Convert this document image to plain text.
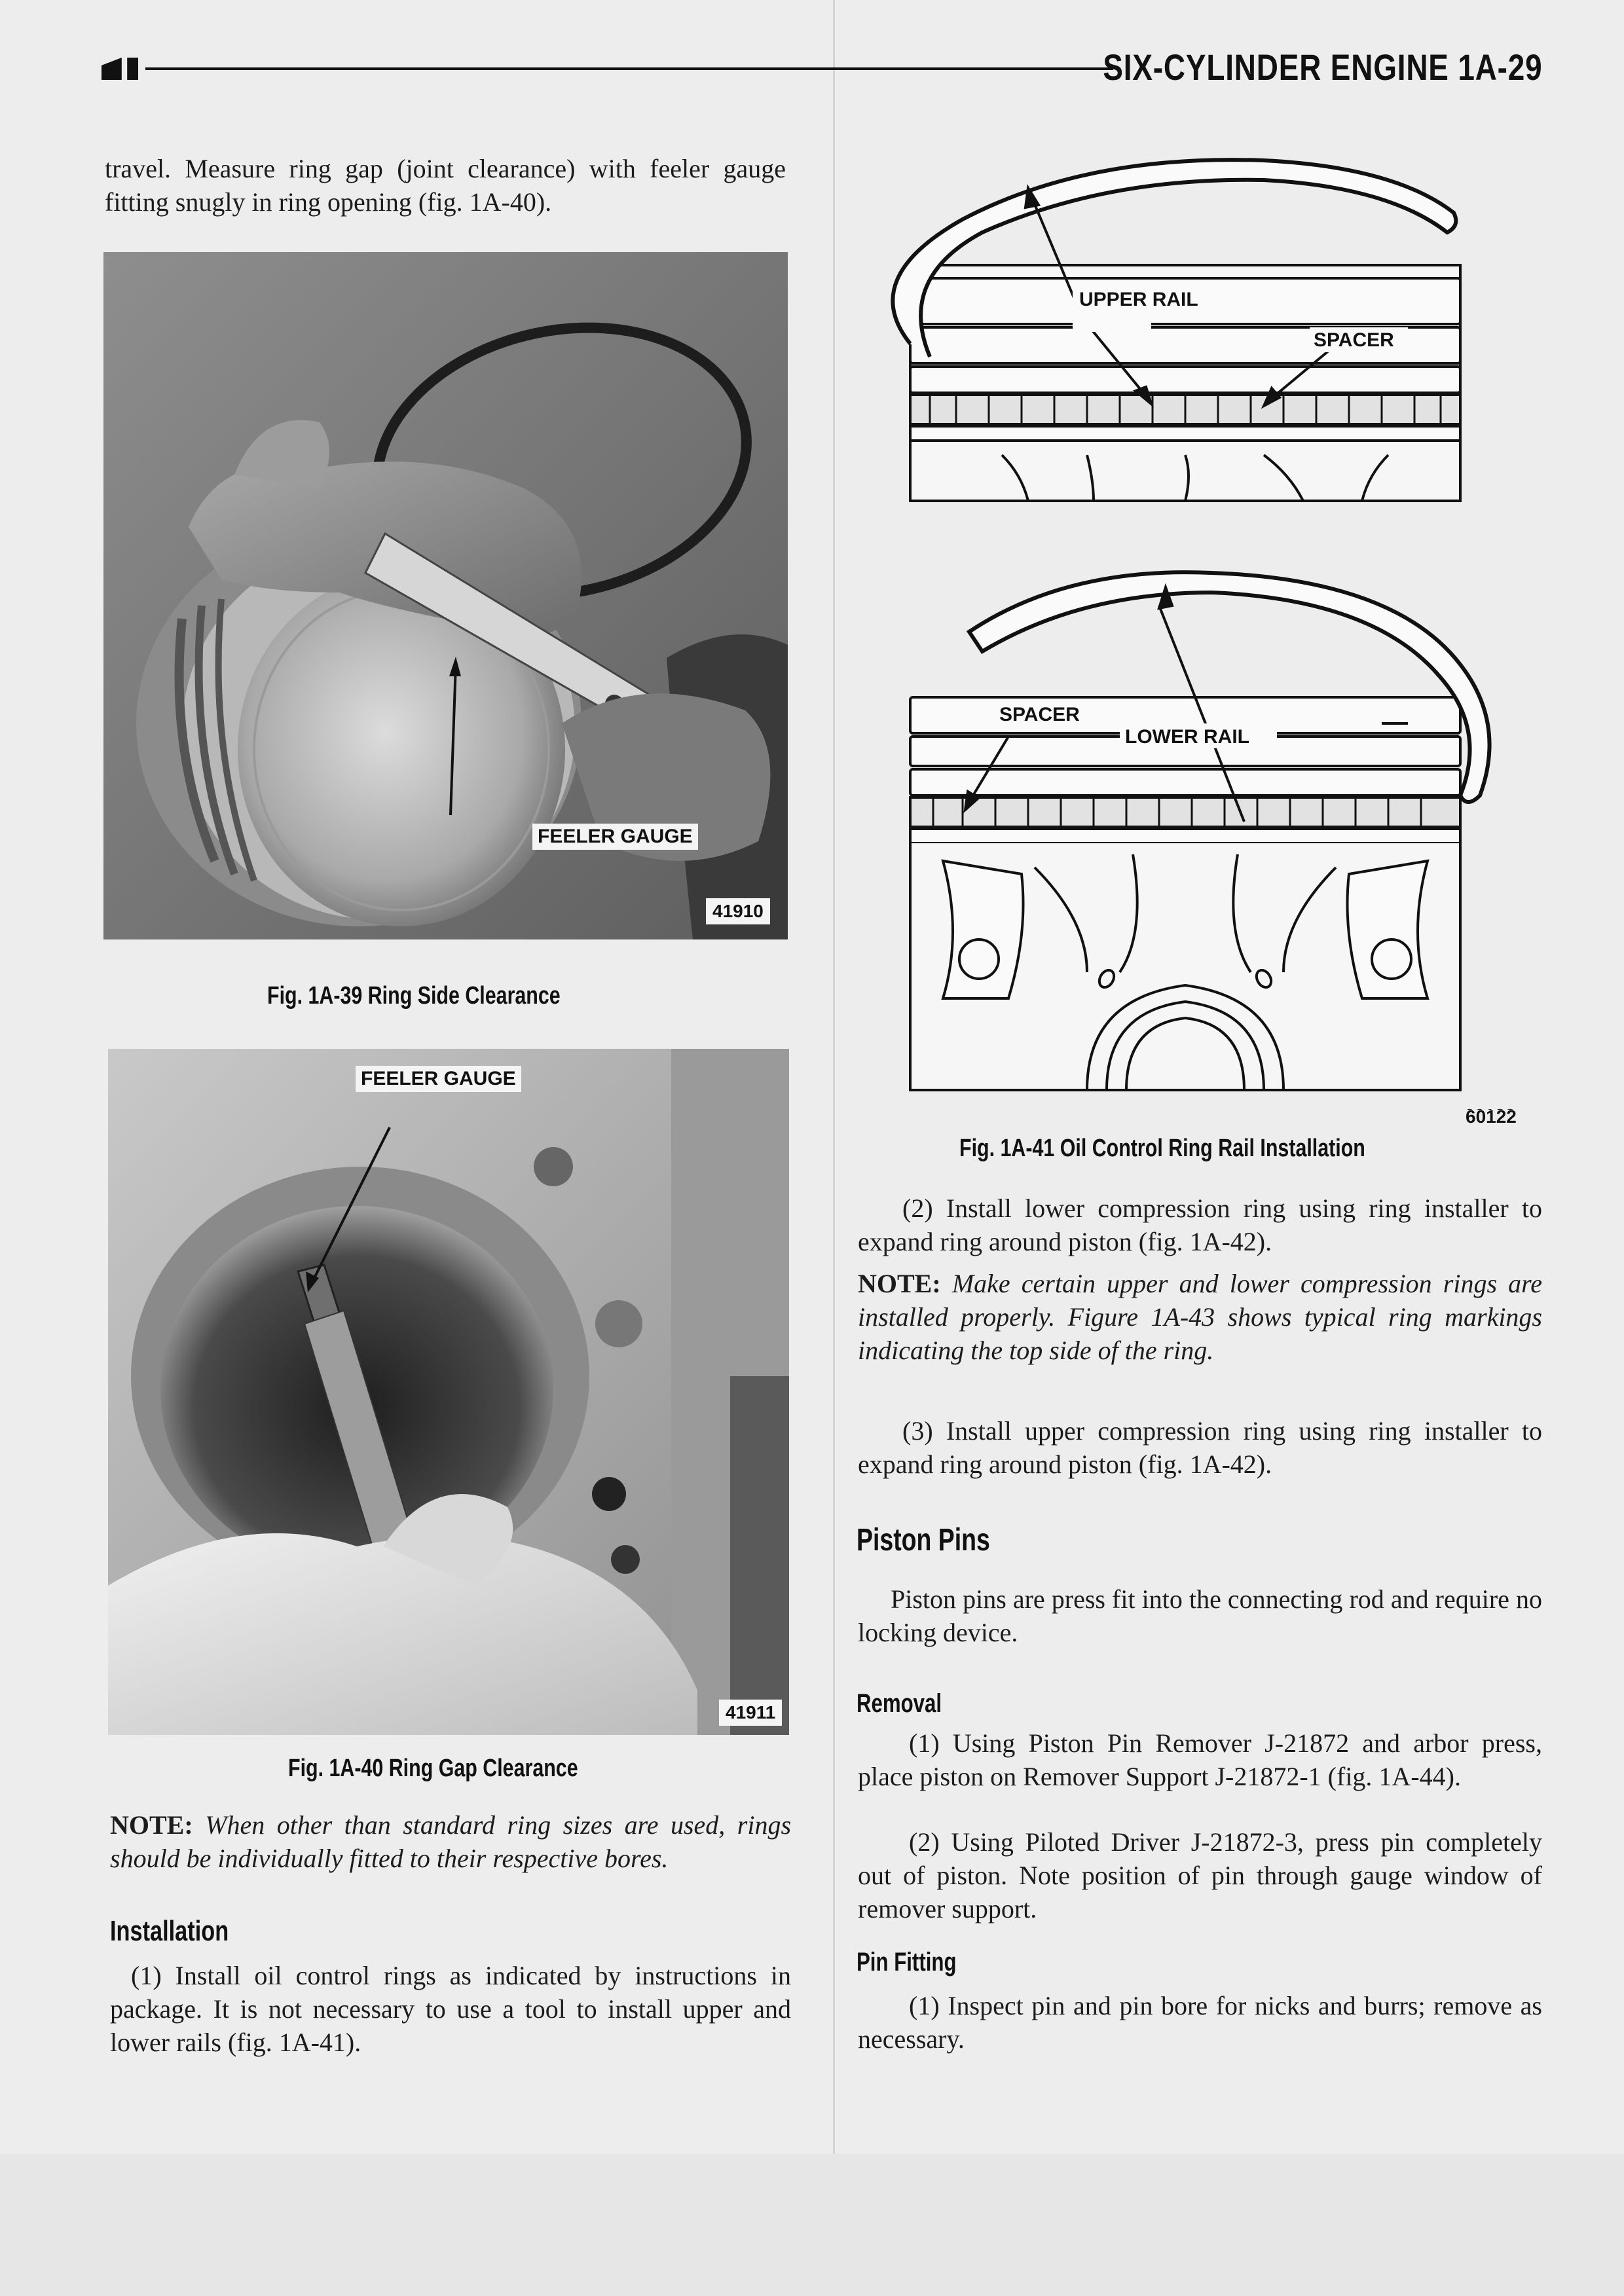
SIX-CYLINDER ENGINE 1A-29

travel. Measure ring gap (joint clearance) with feeler gauge fitting snugly in ring opening (fig. 1A-40).

FEELER GAUGE
41910
Fig. 1A-39 Ring Side Clearance
FEELER GAUGE
41911
Fig. 1A-40 Ring Gap Clearance

NOTE: When other than standard ring sizes are used, rings should be individually fitted to their respective bores.

Installation

(1) Install oil control rings as indicated by instructions in package. It is not necessary to use a tool to install upper and lower rails (fig. 1A-41).

UPPER RAIL
SPACER
SPACER
LOWER RAIL
60122
Fig. 1A-41 Oil Control Ring Rail Installation

(2) Install lower compression ring using ring installer to expand ring around piston (fig. 1A-42).

NOTE: Make certain upper and lower compression rings are installed properly. Figure 1A-43 shows typical ring markings indicating the top side of the ring.

(3) Install upper compression ring using ring installer to expand ring around piston (fig. 1A-42).

Piston Pins

Piston pins are press fit into the connecting rod and require no locking device.

Removal

(1) Using Piston Pin Remover J-21872 and arbor press, place piston on Remover Support J-21872-1 (fig. 1A-44).

(2) Using Piloted Driver J-21872-3, press pin completely out of piston. Note position of pin through gauge window of remover support.

Pin Fitting

(1) Inspect pin and pin bore for nicks and burrs; remove as necessary.
